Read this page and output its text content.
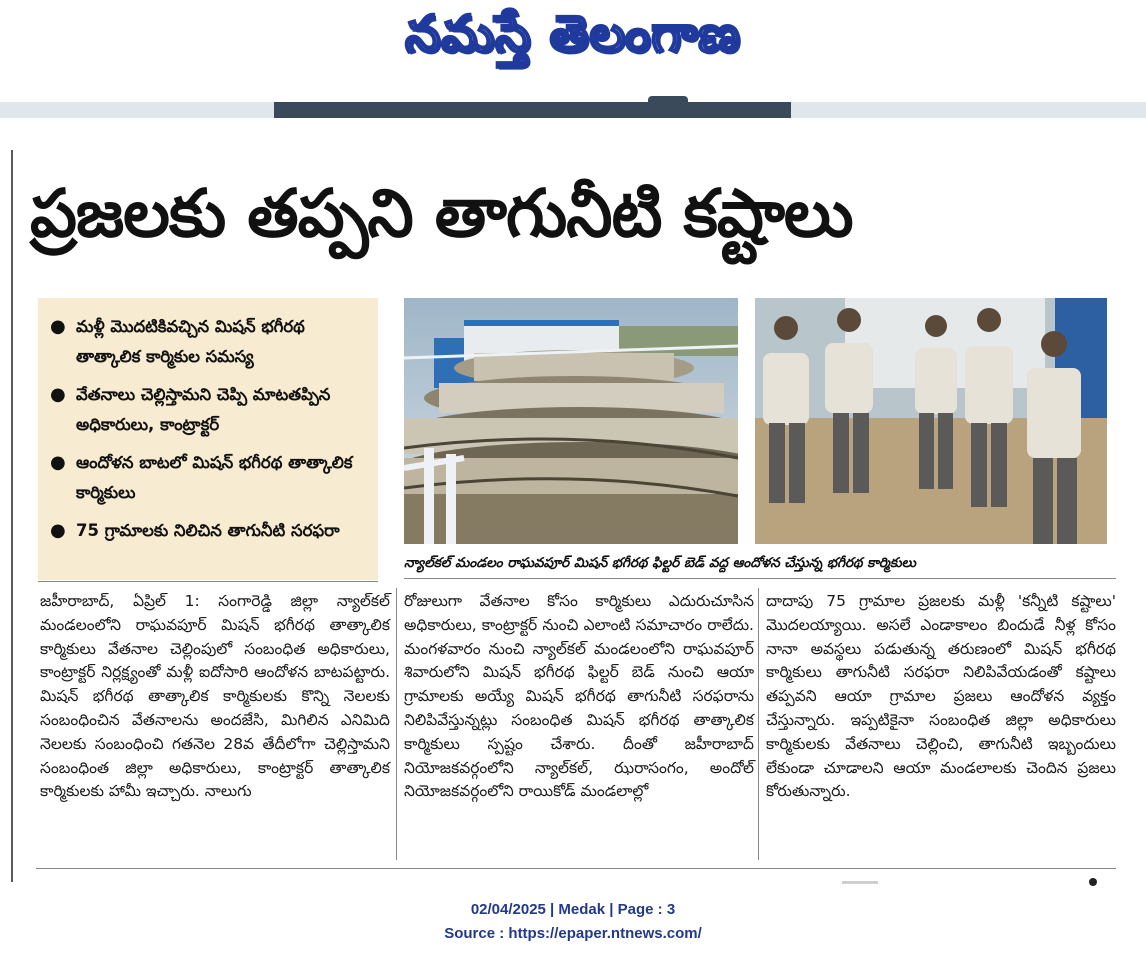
నమస్తే తెలంగాణ
ప్రజలకు తప్పని తాగునీటి కష్టాలు
● మళ్లీ మొదటికివచ్చిన మిషన్ భగీరథ తాత్కాలిక కార్మికుల సమస్య
● వేతనాలు చెల్లిస్తామని చెప్పి మాటతప్పిన అధికారులు, కాంట్రాక్టర్
● ఆందోళన బాటలో మిషన్ భగీరథ తాత్కాలిక కార్మికులు
● 75 గ్రామాలకు నిలిచిన తాగునీటి సరఫరా
న్యాల్‌కల్ మండలం రాఘవపూర్ మిషన్ భగీరథ ఫిల్టర్ బెడ్ వద్ద ఆందోళన చేస్తున్న భగీరథ కార్మికులు
జహీరాబాద్, ఏప్రిల్ 1: సంగారెడ్డి జిల్లా న్యాల్‌కల్ మండలంలోని రాఘవపూర్ మిషన్ భగీరథ తాత్కాలిక కార్మికులు వేతనాల చెల్లింపులో సంబంధిత అధికారులు, కాంట్రాక్టర్ నిర్లక్ష్యంతో మళ్లీ ఐదోసారి ఆందోళన బాటపట్టారు. మిషన్ భగీరథ తాత్కాలిక కార్మికులకు కొన్ని నెలలకు సంబంధించిన వేతనాలను అందజేసి, మిగిలిన ఎనిమిది నెలలకు సంబంధించి గతనెల 28వ తేదీలోగా చెల్లిస్తామని సంబంధింత జిల్లా అధికారులు, కాంట్రాక్టర్ తాత్కాలిక కార్మికులకు హామీ ఇచ్చారు. నాలుగు
రోజులుగా వేతనాల కోసం కార్మికులు ఎదురుచూసిన అధికారులు, కాంట్రాక్టర్ నుంచి ఎలాంటి సమాచారం రాలేదు. మంగళవారం నుంచి న్యాల్‌కల్ మండలంలోని రాఘవపూర్ శివారులోని మిషన్ భగీరథ ఫిల్టర్ బెడ్ నుంచి ఆయా గ్రామాలకు అయ్యే మిషన్ భగీరథ తాగునీటి సరఫరాను నిలిపివేస్తున్నట్లు సంబంధిత మిషన్ భగీరథ తాత్కాలిక కార్మికులు స్పష్టం చేశారు. దీంతో జహీరాబాద్ నియోజకవర్గంలోని న్యాల్‌కల్, ఝరాసంగం, అందోల్ నియోజకవర్గంలోని రాయికోడ్ మండలాల్లో
దాదాపు 75 గ్రామాల ప్రజలకు మళ్లీ 'కన్నీటి కష్టాలు' మొదలయ్యాయి. అసలే ఎండాకాలం బిందుడే నీళ్ల కోసం నానా అవస్థలు పడుతున్న తరుణంలో మిషన్ భగీరథ కార్మికులు తాగునీటి సరఫరా నిలిపివేయడంతో కష్టాలు తప్పవని ఆయా గ్రామాల ప్రజలు ఆందోళన వ్యక్తం చేస్తున్నారు. ఇప్పటికైనా సంబంధిత జిల్లా అధికారులు కార్మికులకు వేతనాలు చెల్లించి, తాగునీటి ఇబ్బందులు లేకుండా చూడాలని ఆయా మండలాలకు చెందిన ప్రజలు కోరుతున్నారు.
02/04/2025 | Medak | Page : 3
Source : https://epaper.ntnews.com/
